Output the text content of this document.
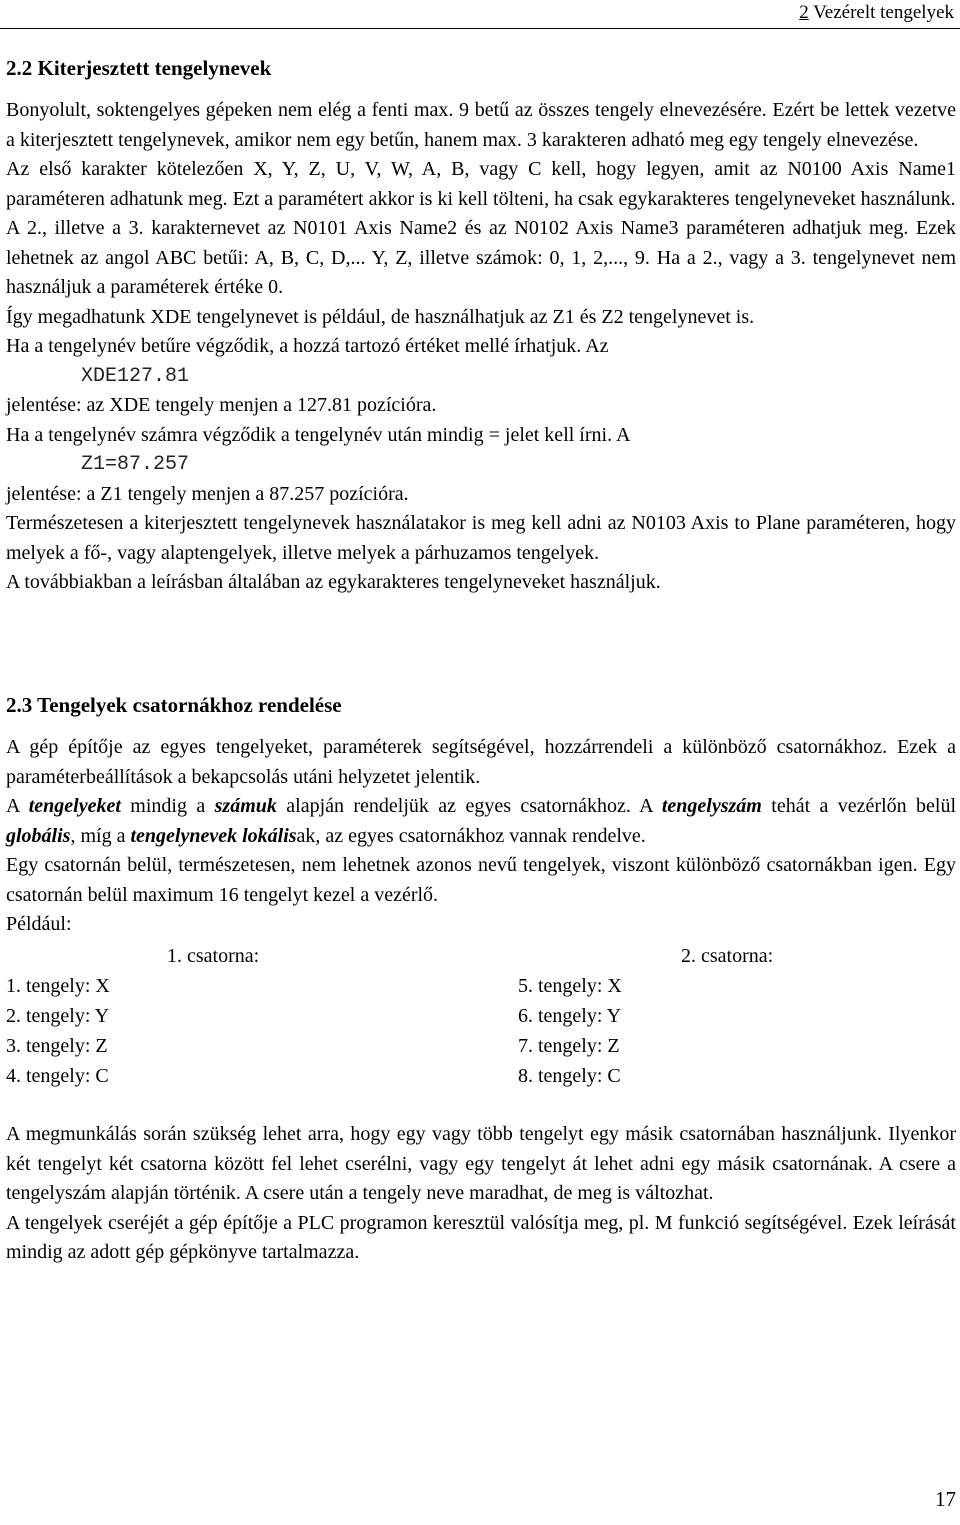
2 Vezérelt tengelyek
2.2 Kiterjesztett tengelynevek

Bonyolult, soktengelyes gépeken nem elég a fenti max. 9 betű az összes tengely elnevezésére. Ezért be lettek vezetve a kiterjesztett tengelynevek, amikor nem egy betűn, hanem max. 3 karakteren adható meg egy tengely elnevezése.

Az első karakter kötelezően X, Y, Z, U, V, W, A, B, vagy C kell, hogy legyen, amit az N0100 Axis Name1 paraméteren adhatunk meg. Ezt a paramétert akkor is ki kell tölteni, ha csak egykarakteres tengelyneveket használunk.

A 2., illetve a 3. karakternevet az N0101 Axis Name2 és az N0102 Axis Name3 paraméteren adhatjuk meg. Ezek lehetnek az angol ABC betűi: A, B, C, D,... Y, Z, illetve számok: 0, 1, 2,..., 9. Ha a 2., vagy a 3. tengelynevet nem használjuk a paraméterek értéke 0.

Így megadhatunk XDE tengelynevet is például, de használhatjuk az Z1 és Z2 tengelynevet is.

Ha a tengelynév betűre végződik, a hozzá tartozó értéket mellé írhatjuk. Az

XDE127.81

jelentése: az XDE tengely menjen a 127.81 pozícióra.

Ha a tengelynév számra végződik a tengelynév után mindig = jelet kell írni. A

Z1=87.257

jelentése: a Z1 tengely menjen a 87.257 pozícióra.

Természetesen a kiterjesztett tengelynevek használatakor is meg kell adni az N0103 Axis to Plane paraméteren, hogy melyek a fő-, vagy alaptengelyek, illetve melyek a párhuzamos tengelyek.

A továbbiakban a leírásban általában az egykarakteres tengelyneveket használjuk.

2.3 Tengelyek csatornákhoz rendelése

A gép építője az egyes tengelyeket, paraméterek segítségével, hozzárrendeli a különböző csatornákhoz. Ezek a paraméterbeállítások a bekapcsolás utáni helyzetet jelentik.

A tengelyeket mindig a számuk alapján rendeljük az egyes csatornákhoz. A tengelyszám tehát a vezérlőn belül globális, míg a tengelynevek lokálisak, az egyes csatornákhoz vannak rendelve.

Egy csatornán belül, természetesen, nem lehetnek azonos nevű tengelyek, viszont különböző csatornákban igen. Egy csatornán belül maximum 16 tengelyt kezel a vezérlő.

Például:

1. csatorna:	2. csatorna:
1. tengely: X
2. tengely: Y
3. tengely: Z
4. tengely: C
5. tengely: X
6. tengely: Y
7. tengely: Z
8. tengely: C

A megmunkálás során szükség lehet arra, hogy egy vagy több tengelyt egy másik csatornában használjunk. Ilyenkor két tengelyt két csatorna között fel lehet cserélni, vagy egy tengelyt át lehet adni egy másik csatornának. A csere a tengelyszám alapján történik. A csere után a tengely neve maradhat, de meg is változhat.

A tengelyek cseréjét a gép építője a PLC programon keresztül valósítja meg, pl. M funkció segítségével. Ezek leírását mindig az adott gép gépkönyve tartalmazza.

17
